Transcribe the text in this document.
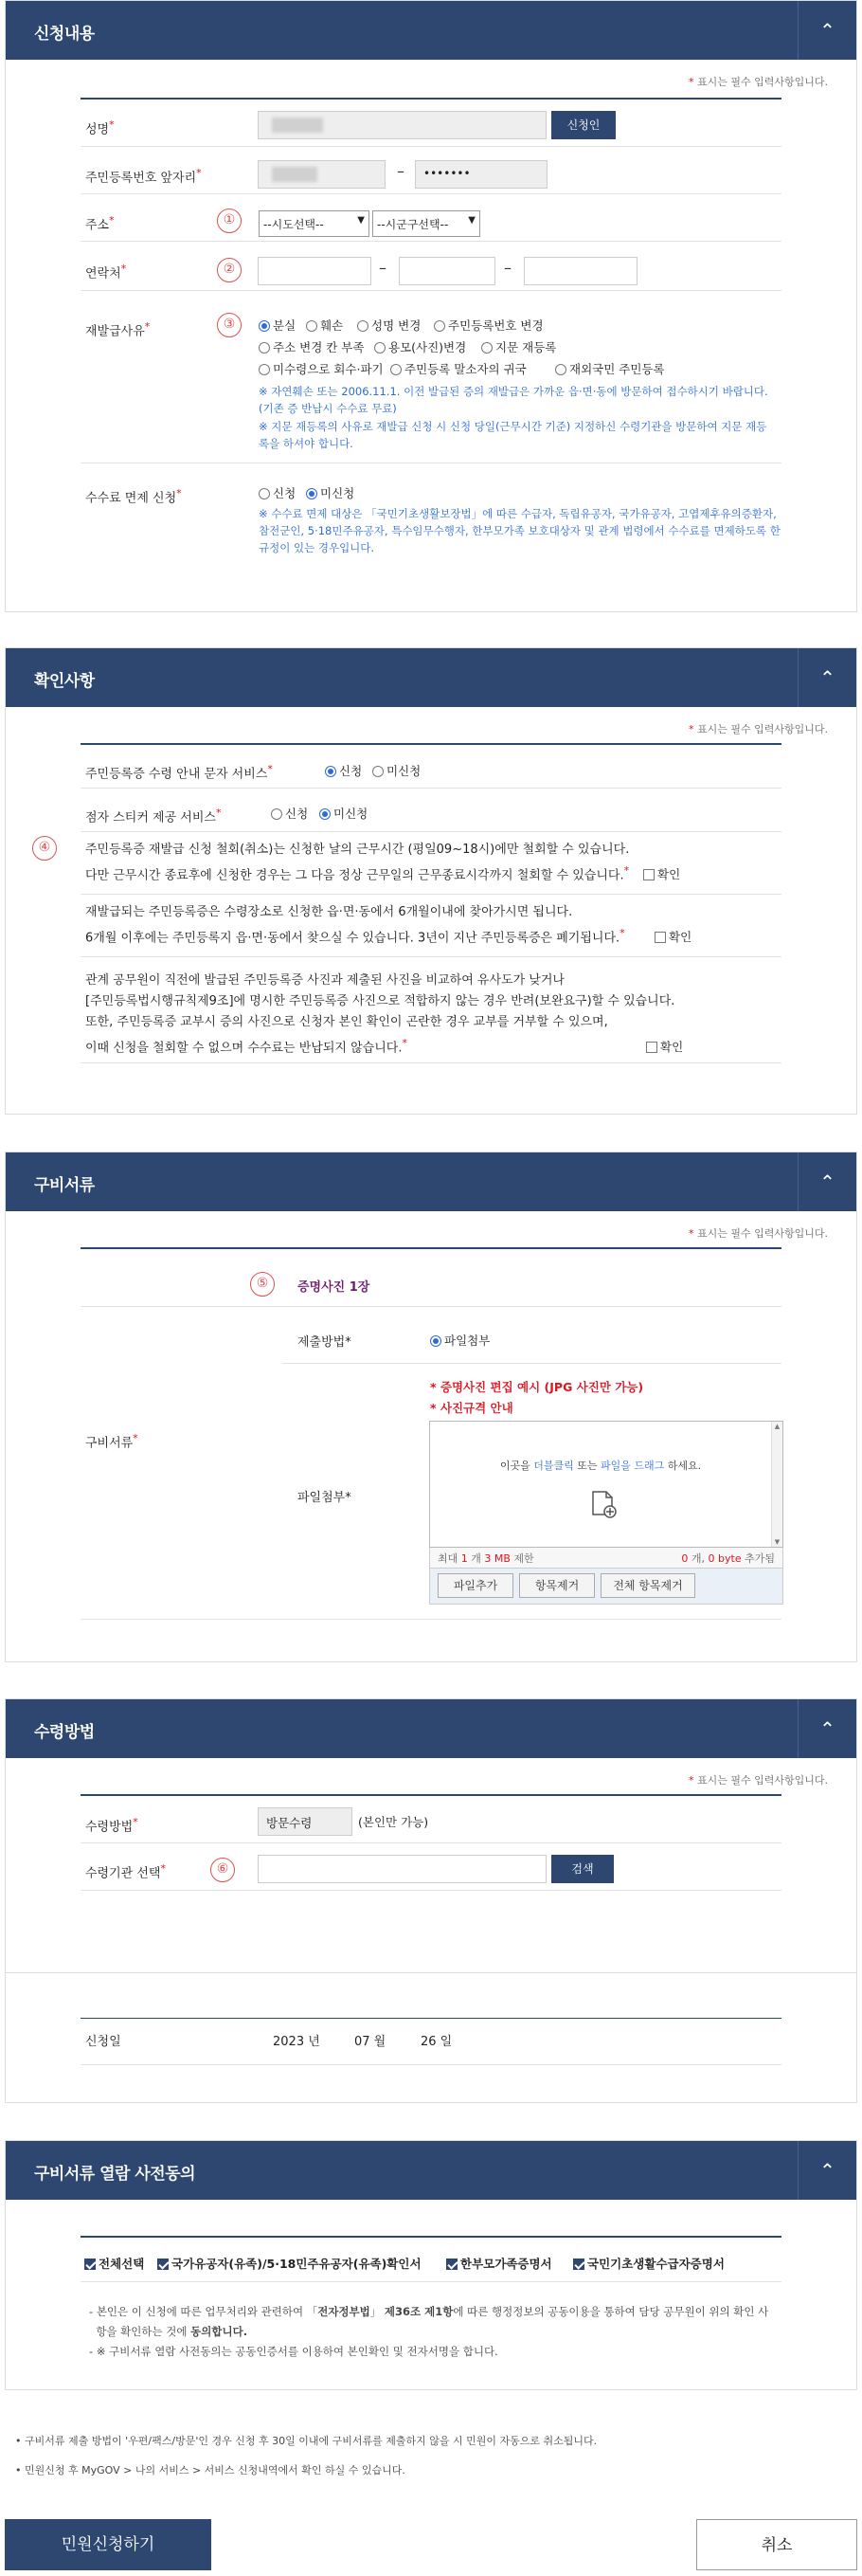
신청내용	⌃
* 표시는 필수 입력사항입니다.
성명*	신청인
주민등록번호 앞자리*	–	•••••••
주소*	①	--시도선택--	▼	--시군구선택-- ▼
연락처*	②	–	–
재발급사유*	③	분실	훼손	성명 변경	주민등록번호 변경
주소 변경 칸 부족	용모(사진)변경	지문 재등록
미수령으로 회수·파기	주민등록 말소자의 귀국	재외국민 주민등록
※ 자연훼손 또는 2006.11.1. 이전 발급된 증의 재발급은 가까운 읍·면·동에 방문하여 접수하시기 바랍니다.(기존 증 반납시 수수료 무료)
※ 지문 재등록의 사유로 재발급 신청 시 신청 당일(근무시간 기준) 지정하신 수령기관을 방문하여 지문 재등록을 하셔야 합니다.
수수료 면제 신청*	신청	미신청
※ 수수료 면제 대상은 「국민기초생활보장법」에 따른 수급자, 독립유공자, 국가유공자, 고엽제후유의증환자, 참전군인, 5·18민주유공자, 특수임무수행자, 한부모가족 보호대상자 및 관계 법령에서 수수료를 면제하도록 한 규정이 있는 경우입니다.
확인사항	⌃
* 표시는 필수 입력사항입니다.
주민등록증 수령 안내 문자 서비스*	신청	미신청
점자 스티커 제공 서비스*	신청	미신청
④	주민등록증 재발급 신청 철회(취소)는 신청한 날의 근무시간 (평일09~18시)에만 철회할 수 있습니다.
다만 근무시간 종료후에 신청한 경우는 그 다음 정상 근무일의 근무종료시각까지 철회할 수 있습니다.*	확인
재발급되는 주민등록증은 수령장소로 신청한 읍·면·동에서 6개월이내에 찾아가시면 됩니다.
6개월 이후에는 주민등록지 읍·면·동에서 찾으실 수 있습니다. 3년이 지난 주민등록증은 폐기됩니다.*	확인
관계 공무원이 직전에 발급된 주민등록증 사진과 제출된 사진을 비교하여 유사도가 낮거나
[주민등록법시행규칙제9조]에 명시한 주민등록증 사진으로 적합하지 않는 경우 반려(보완요구)할 수 있습니다.
또한, 주민등록증 교부시 증의 사진으로 신청자 본인 확인이 곤란한 경우 교부를 거부할 수 있으며,
이때 신청을 철회할 수 없으며 수수료는 반납되지 않습니다.*	확인
구비서류	⌃
* 표시는 필수 입력사항입니다.
⑤	증명사진 1장
구비서류*
제출방법*	파일첨부
* 증명사진 편집 예시 (JPG 사진만 가능)
* 사진규격 안내
파일첨부*
이곳을 더블클릭 또는 파일을 드래그 하세요.
▲
▼
최대 1 개 3 MB 제한	0 개, 0 byte 추가됨
파일추가	항목제거	전체 항목제거
수령방법	⌃
* 표시는 필수 입력사항입니다.
수령방법*	방문수령	(본인만 가능)
수령기관 선택*	⑥	검색
신청일	2023 년	07 월	26 일
구비서류 열람 사전동의	⌃
전체선택	국가유공자(유족)/5·18민주유공자(유족)확인서	한부모가족증명서	국민기초생활수급자증명서
- 본인은 이 신청에 따른 업무처리와 관련하여 「전자정부법」 제36조 제1항에 따른 행정정보의 공동이용을 통하여 담당 공무원이 위의 확인 사
항을 확인하는 것에 동의합니다.
- ※ 구비서류 열람 사전동의는 공동인증서를 이용하여 본인확인 및 전자서명을 합니다.
• 구비서류 제출 방법이 '우편/팩스/방문'인 경우 신청 후 30일 이내에 구비서류를 제출하지 않을 시 민원이 자동으로 취소됩니다.
• 민원신청 후 MyGOV > 나의 서비스 > 서비스 신청내역에서 확인 하실 수 있습니다.
민원신청하기	취소
